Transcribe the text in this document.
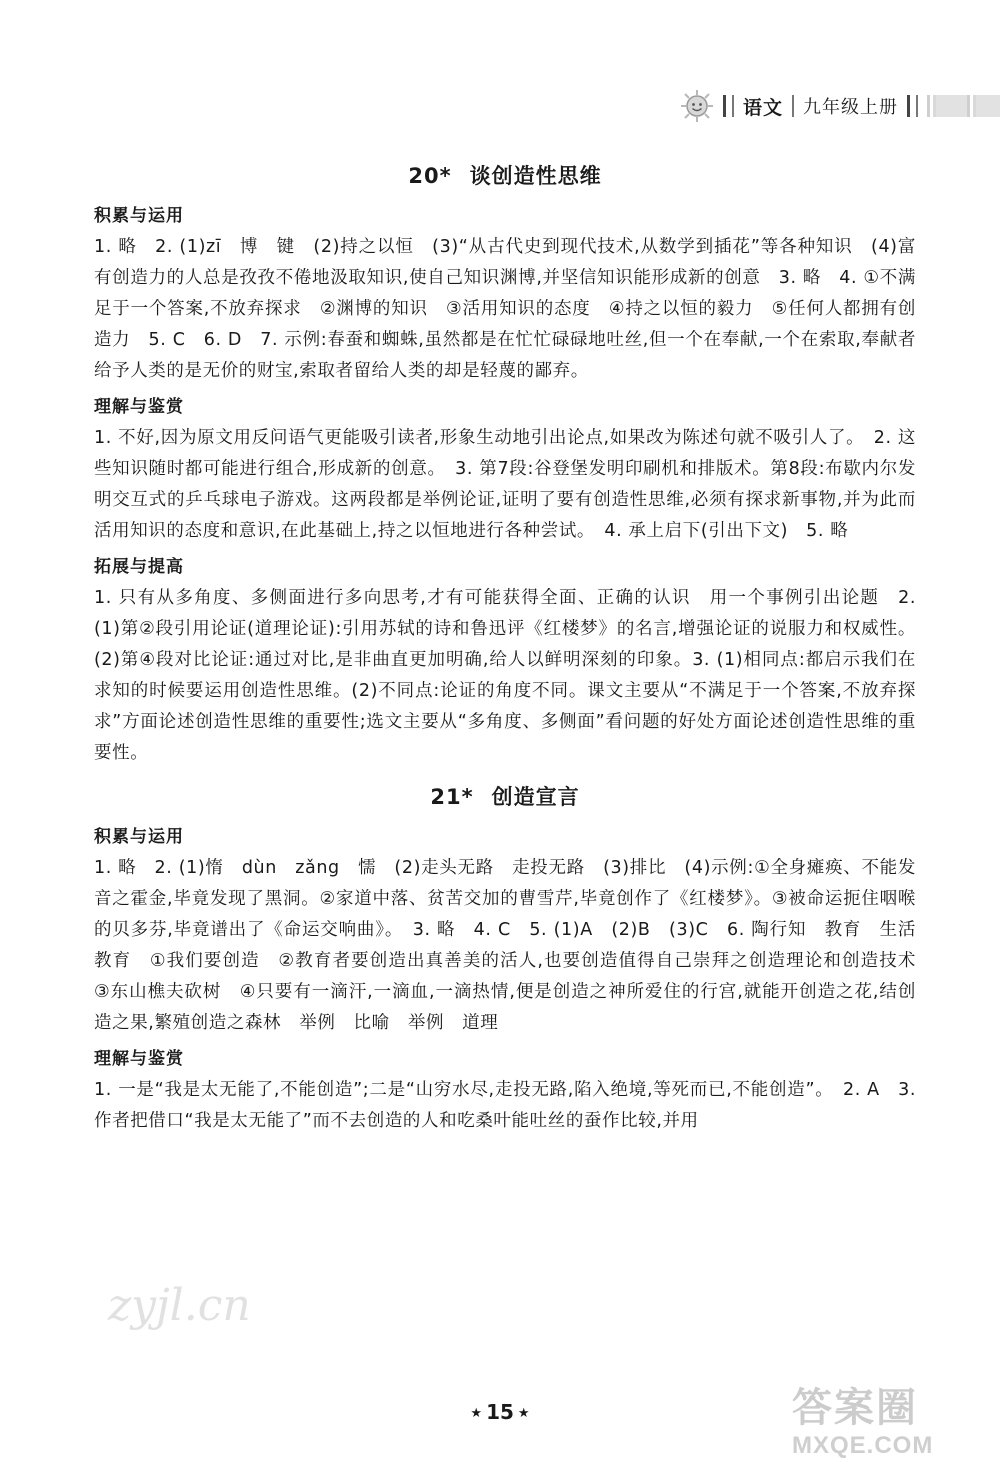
语文 九年级上册
20* 谈创造性思维
积累与运用

1. 略　2. (1)zī　博　键　(2)持之以恒　(3)“从古代史到现代技术,从数学到插花”等各种知识　(4)富有创造力的人总是孜孜不倦地汲取知识,使自己知识渊博,并坚信知识能形成新的创意　3. 略　4. ①不满足于一个答案,不放弃探求　②渊博的知识　③活用知识的态度　④持之以恒的毅力　⑤任何人都拥有创造力　5. C　6. D　7. 示例:春蚕和蜘蛛,虽然都是在忙忙碌碌地吐丝,但一个在奉献,一个在索取,奉献者给予人类的是无价的财宝,索取者留给人类的却是轻蔑的鄙弃。

理解与鉴赏

1. 不好,因为原文用反问语气更能吸引读者,形象生动地引出论点,如果改为陈述句就不吸引人了。　2. 这些知识随时都可能进行组合,形成新的创意。　3. 第7段:谷登堡发明印刷机和排版术。第8段:布歇内尔发明交互式的乒乓球电子游戏。这两段都是举例论证,证明了要有创造性思维,必须有探求新事物,并为此而活用知识的态度和意识,在此基础上,持之以恒地进行各种尝试。　4. 承上启下(引出下文)　5. 略

拓展与提高

1. 只有从多角度、多侧面进行多向思考,才有可能获得全面、正确的认识　用一个事例引出论题　2. (1)第②段引用论证(道理论证):引用苏轼的诗和鲁迅评《红楼梦》的名言,增强论证的说服力和权威性。(2)第④段对比论证:通过对比,是非曲直更加明确,给人以鲜明深刻的印象。3. (1)相同点:都启示我们在求知的时候要运用创造性思维。(2)不同点:论证的角度不同。课文主要从“不满足于一个答案,不放弃探求”方面论述创造性思维的重要性;选文主要从“多角度、多侧面”看问题的好处方面论述创造性思维的重要性。

21* 创造宣言
积累与运用

1. 略　2. (1)惰　dùn　zǎng　懦　(2)走头无路　走投无路　(3)排比　(4)示例:①全身瘫痪、不能发音之霍金,毕竟发现了黑洞。②家道中落、贫苦交加的曹雪芹,毕竟创作了《红楼梦》。③被命运扼住咽喉的贝多芬,毕竟谱出了《命运交响曲》。　3. 略　4. C　5. (1)A　(2)B　(3)C　6. 陶行知　教育　生活教育　①我们要创造　②教育者要创造出真善美的活人,也要创造值得自己崇拜之创造理论和创造技术　③东山樵夫砍树　④只要有一滴汗,一滴血,一滴热情,便是创造之神所爱住的行宫,就能开创造之花,结创造之果,繁殖创造之森林　举例　比喻　举例　道理

理解与鉴赏

1. 一是“我是太无能了,不能创造”;二是“山穷水尽,走投无路,陷入绝境,等死而已,不能创造”。　2. A　3. 作者把借口“我是太无能了”而不去创造的人和吃桑叶能吐丝的蚕作比较,并用

zyjl.cn
★ 15 ★	答案圈
MXQE.COM
